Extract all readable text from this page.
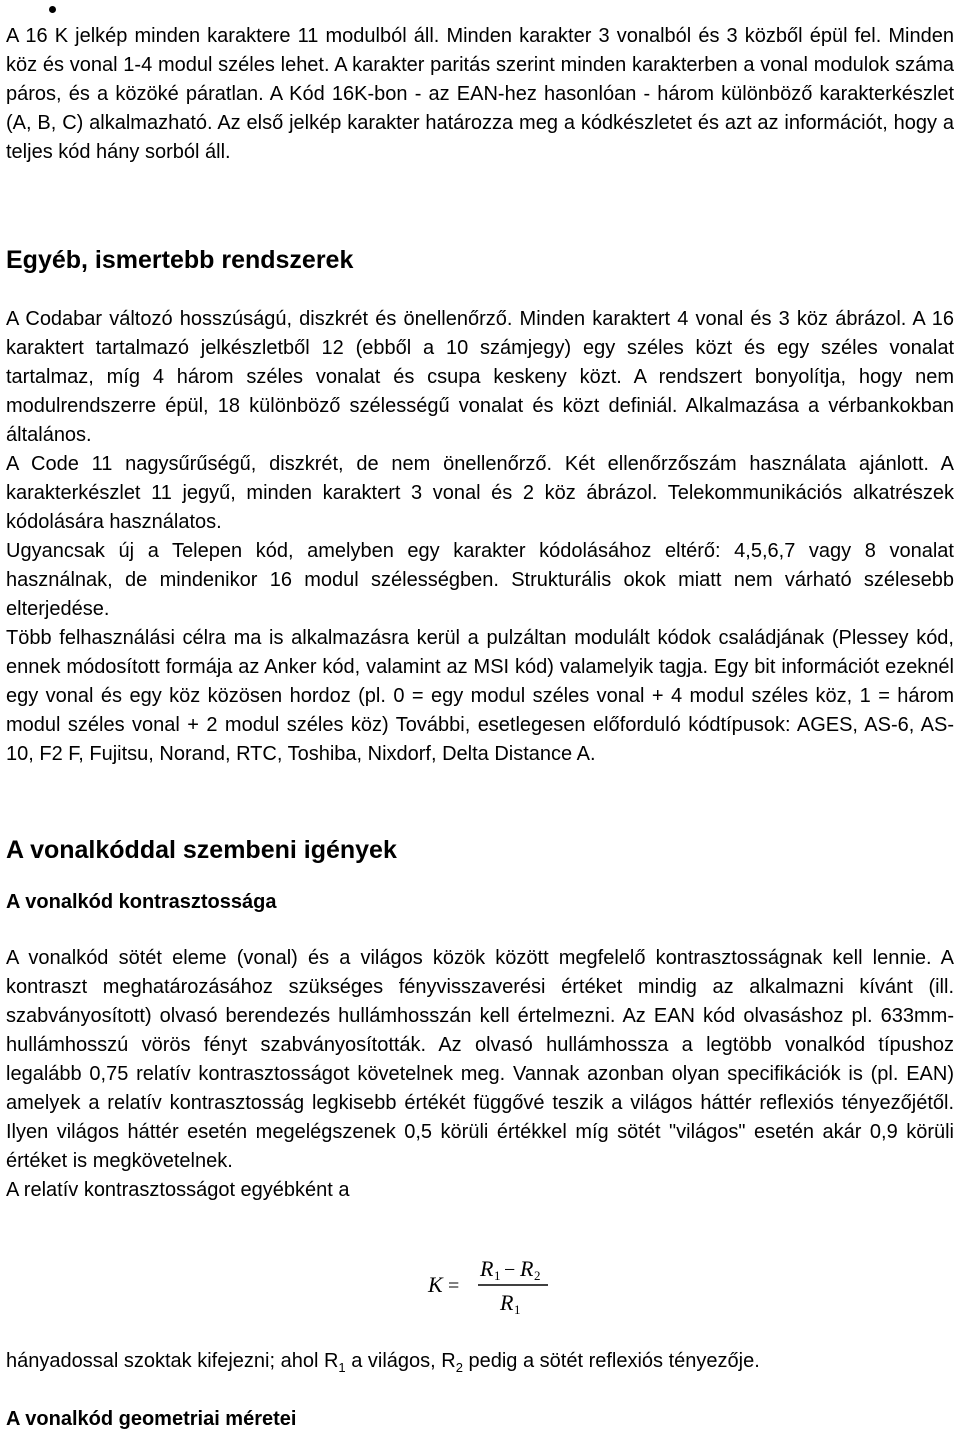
A 16 K jelkép minden karaktere 11 modulból áll. Minden karakter 3 vonalból és 3 közből épül fel. Minden köz és vonal 1-4 modul széles lehet. A karakter paritás szerint minden karakterben a vonal modulok száma páros, és a közöké páratlan. A Kód 16K-bon - az EAN-hez hasonlóan - három különböző karakterkészlet (A, B, C) alkalmazható. Az első jelkép karakter határozza meg a kódkészletet és azt az információt, hogy a teljes kód hány sorból áll.

Egyéb, ismertebb rendszerek

A Codabar változó hosszúságú, diszkrét és önellenőrző. Minden karaktert 4 vonal és 3 köz ábrázol. A 16 karaktert tartalmazó jelkészletből 12 (ebből a 10 számjegy) egy széles közt és egy széles vonalat tartalmaz, míg 4 három széles vonalat és csupa keskeny közt. A rendszert bonyolítja, hogy nem modulrendszerre épül, 18 különböző szélességű vonalat és közt definiál. Alkalmazása a vérbankokban általános.

A Code 11 nagysűrűségű, diszkrét, de nem önellenőrző. Két ellenőrzőszám használata ajánlott. A karakterkészlet 11 jegyű, minden karaktert 3 vonal és 2 köz ábrázol. Telekommunikációs alkatrészek kódolására használatos.

Ugyancsak új a Telepen kód, amelyben egy karakter kódolásához eltérő: 4,5,6,7 vagy 8 vonalat használnak, de mindenikor 16 modul szélességben. Strukturális okok miatt nem várható szélesebb elterjedése.

Több felhasználási célra ma is alkalmazásra kerül a pulzáltan modulált kódok családjának (Plessey kód, ennek módosított formája az Anker kód, valamint az MSI kód) valamelyik tagja. Egy bit információt ezeknél egy vonal és egy köz közösen hordoz (pl. 0 = egy modul széles vonal + 4 modul széles köz, 1 = három modul széles vonal + 2 modul széles köz) További, esetlegesen előforduló kódtípusok: AGES, AS-6, AS-10, F2 F, Fujitsu, Norand, RTC, Toshiba, Nixdorf, Delta Distance A.

A vonalkóddal szembeni igények
A vonalkód kontrasztossága

A vonalkód sötét eleme (vonal) és a világos közök között megfelelő kontrasztosságnak kell lennie. A kontraszt meghatározásához szükséges fényvisszaverési értéket mindig az alkalmazni kívánt (ill. szabványosított) olvasó berendezés hullámhosszán kell értelmezni. Az EAN kód olvasáshoz pl. 633mm-hullámhosszú vörös fényt szabványosították. Az olvasó hullámhossza a legtöbb vonalkód típushoz legalább 0,75 relatív kontrasztosságot követelnek meg. Vannak azonban olyan specifikációk is (pl. EAN) amelyek a relatív kontrasztosság legkisebb értékét függővé teszik a világos háttér reflexiós tényezőjétől. Ilyen világos háttér esetén megelégszenek 0,5 körüli értékkel míg sötét "világos" esetén akár 0,9 körüli értéket is megkövetelnek.

A relatív kontrasztosságot egyébként a

K =
R 1 − R 2
R 1

hányadossal szoktak kifejezni; ahol $R_1$ a világos, $R_2$ pedig a sötét reflexiós tényezője.

A vonalkód geometriai méretei
